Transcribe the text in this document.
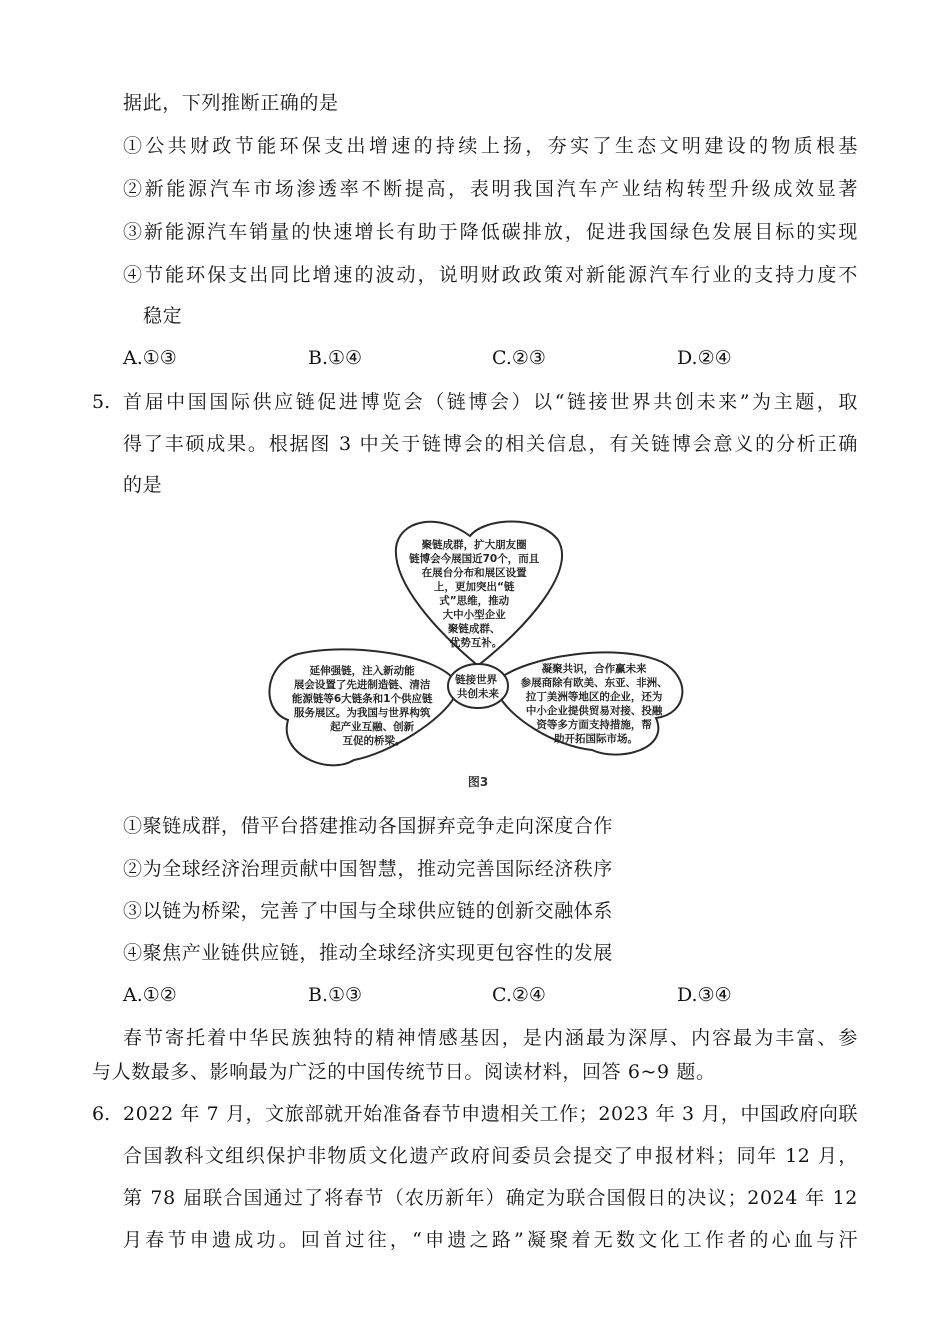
据此，下列推断正确的是
①公共财政节能环保支出增速的持续上扬，夯实了生态文明建设的物质根基
②新能源汽车市场渗透率不断提高，表明我国汽车产业结构转型升级成效显著
③新能源汽车销量的快速增长有助于降低碳排放，促进我国绿色发展目标的实现
④节能环保支出同比增速的波动，说明财政政策对新能源汽车行业的支持力度不
稳定
A.①③	B.①④	C.②③	D.②④
5. 首届中国国际供应链促进博览会（链博会）以“链接世界共创未来”为主题，取
得了丰硕成果。根据图 3 中关于链博会的相关信息，有关链博会意义的分析正确
的是
链接世界 共创未来
聚链成群，扩大朋友圈 链博会今展国近70个，而且 在展台分布和展区设置 上，更加突出“链 式”思维，推动 大中小型企业 聚链成群、 优势互补。
延伸强链，注入新动能 展会设置了先进制造链、清洁 能源链等6大链条和1个供应链 服务展区。为我国与世界构筑 起产业互融、创新 互促的桥梁。
凝聚共识，合作赢未来 参展商除有欧美、东亚、非洲、 拉丁美洲等地区的企业，还为 中小企业提供贸易对接、投融 资等多方面支持措施，帮 助开拓国际市场。
图3
①聚链成群，借平台搭建推动各国摒弃竞争走向深度合作
②为全球经济治理贡献中国智慧，推动完善国际经济秩序
③以链为桥梁，完善了中国与全球供应链的创新交融体系
④聚焦产业链供应链，推动全球经济实现更包容性的发展
A.①②	B.①③	C.②④	D.③④
春节寄托着中华民族独特的精神情感基因，是内涵最为深厚、内容最为丰富、参
与人数最多、影响最为广泛的中国传统节日。阅读材料，回答 6~9 题。
6. 2022 年 7 月，文旅部就开始准备春节申遗相关工作；2023 年 3 月，中国政府向联
合国教科文组织保护非物质文化遗产政府间委员会提交了申报材料；同年 12 月，
第 78 届联合国通过了将春节（农历新年）确定为联合国假日的决议；2024 年 12
月春节申遗成功。回首过往，“申遗之路”凝聚着无数文化工作者的心血与汗
